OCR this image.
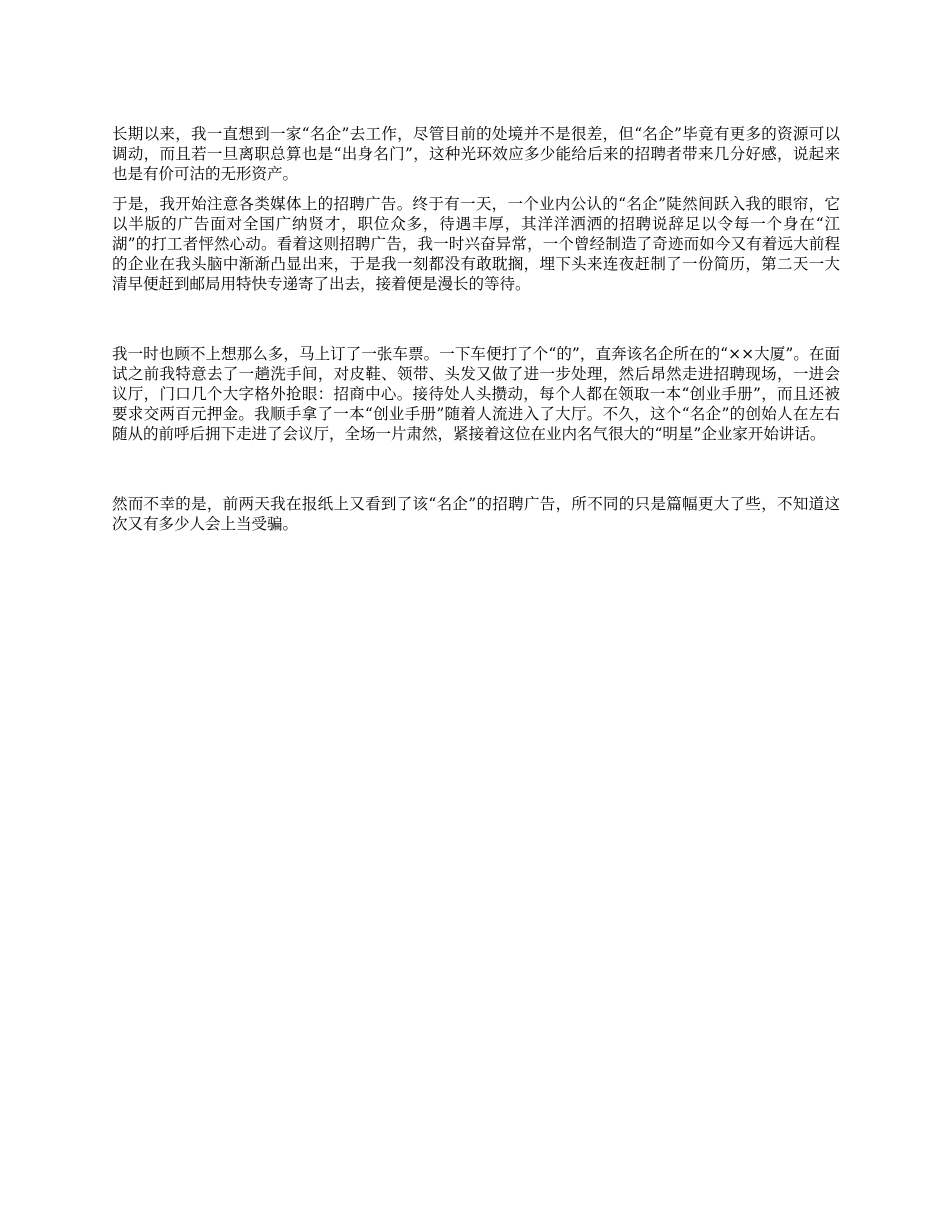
长期以来，我一直想到一家“名企”去工作，尽管目前的处境并不是很差，但“名企”毕竟有更多的资源可以调动，而且若一旦离职总算也是“出身名门”，这种光环效应多少能给后来的招聘者带来几分好感，说起来也是有价可沽的无形资产。

于是，我开始注意各类媒体上的招聘广告。终于有一天，一个业内公认的“名企”陡然间跃入我的眼帘，它以半版的广告面对全国广纳贤才，职位众多，待遇丰厚，其洋洋洒洒的招聘说辞足以令每一个身在“江湖”的打工者怦然心动。看着这则招聘广告，我一时兴奋异常，一个曾经制造了奇迹而如今又有着远大前程的企业在我头脑中渐渐凸显出来，于是我一刻都没有敢耽搁，埋下头来连夜赶制了一份简历，第二天一大清早便赶到邮局用特快专递寄了出去，接着便是漫长的等待。

我一时也顾不上想那么多，马上订了一张车票。一下车便打了个“的”，直奔该名企所在的“××大厦”。在面试之前我特意去了一趟洗手间，对皮鞋、领带、头发又做了进一步处理，然后昂然走进招聘现场，一进会议厅，门口几个大字格外抢眼：招商中心。接待处人头攒动，每个人都在领取一本“创业手册”，而且还被要求交两百元押金。我顺手拿了一本“创业手册”随着人流进入了大厅。不久，这个“名企”的创始人在左右随从的前呼后拥下走进了会议厅，全场一片肃然，紧接着这位在业内名气很大的“明星”企业家开始讲话。

然而不幸的是，前两天我在报纸上又看到了该“名企”的招聘广告，所不同的只是篇幅更大了些，不知道这次又有多少人会上当受骗。
